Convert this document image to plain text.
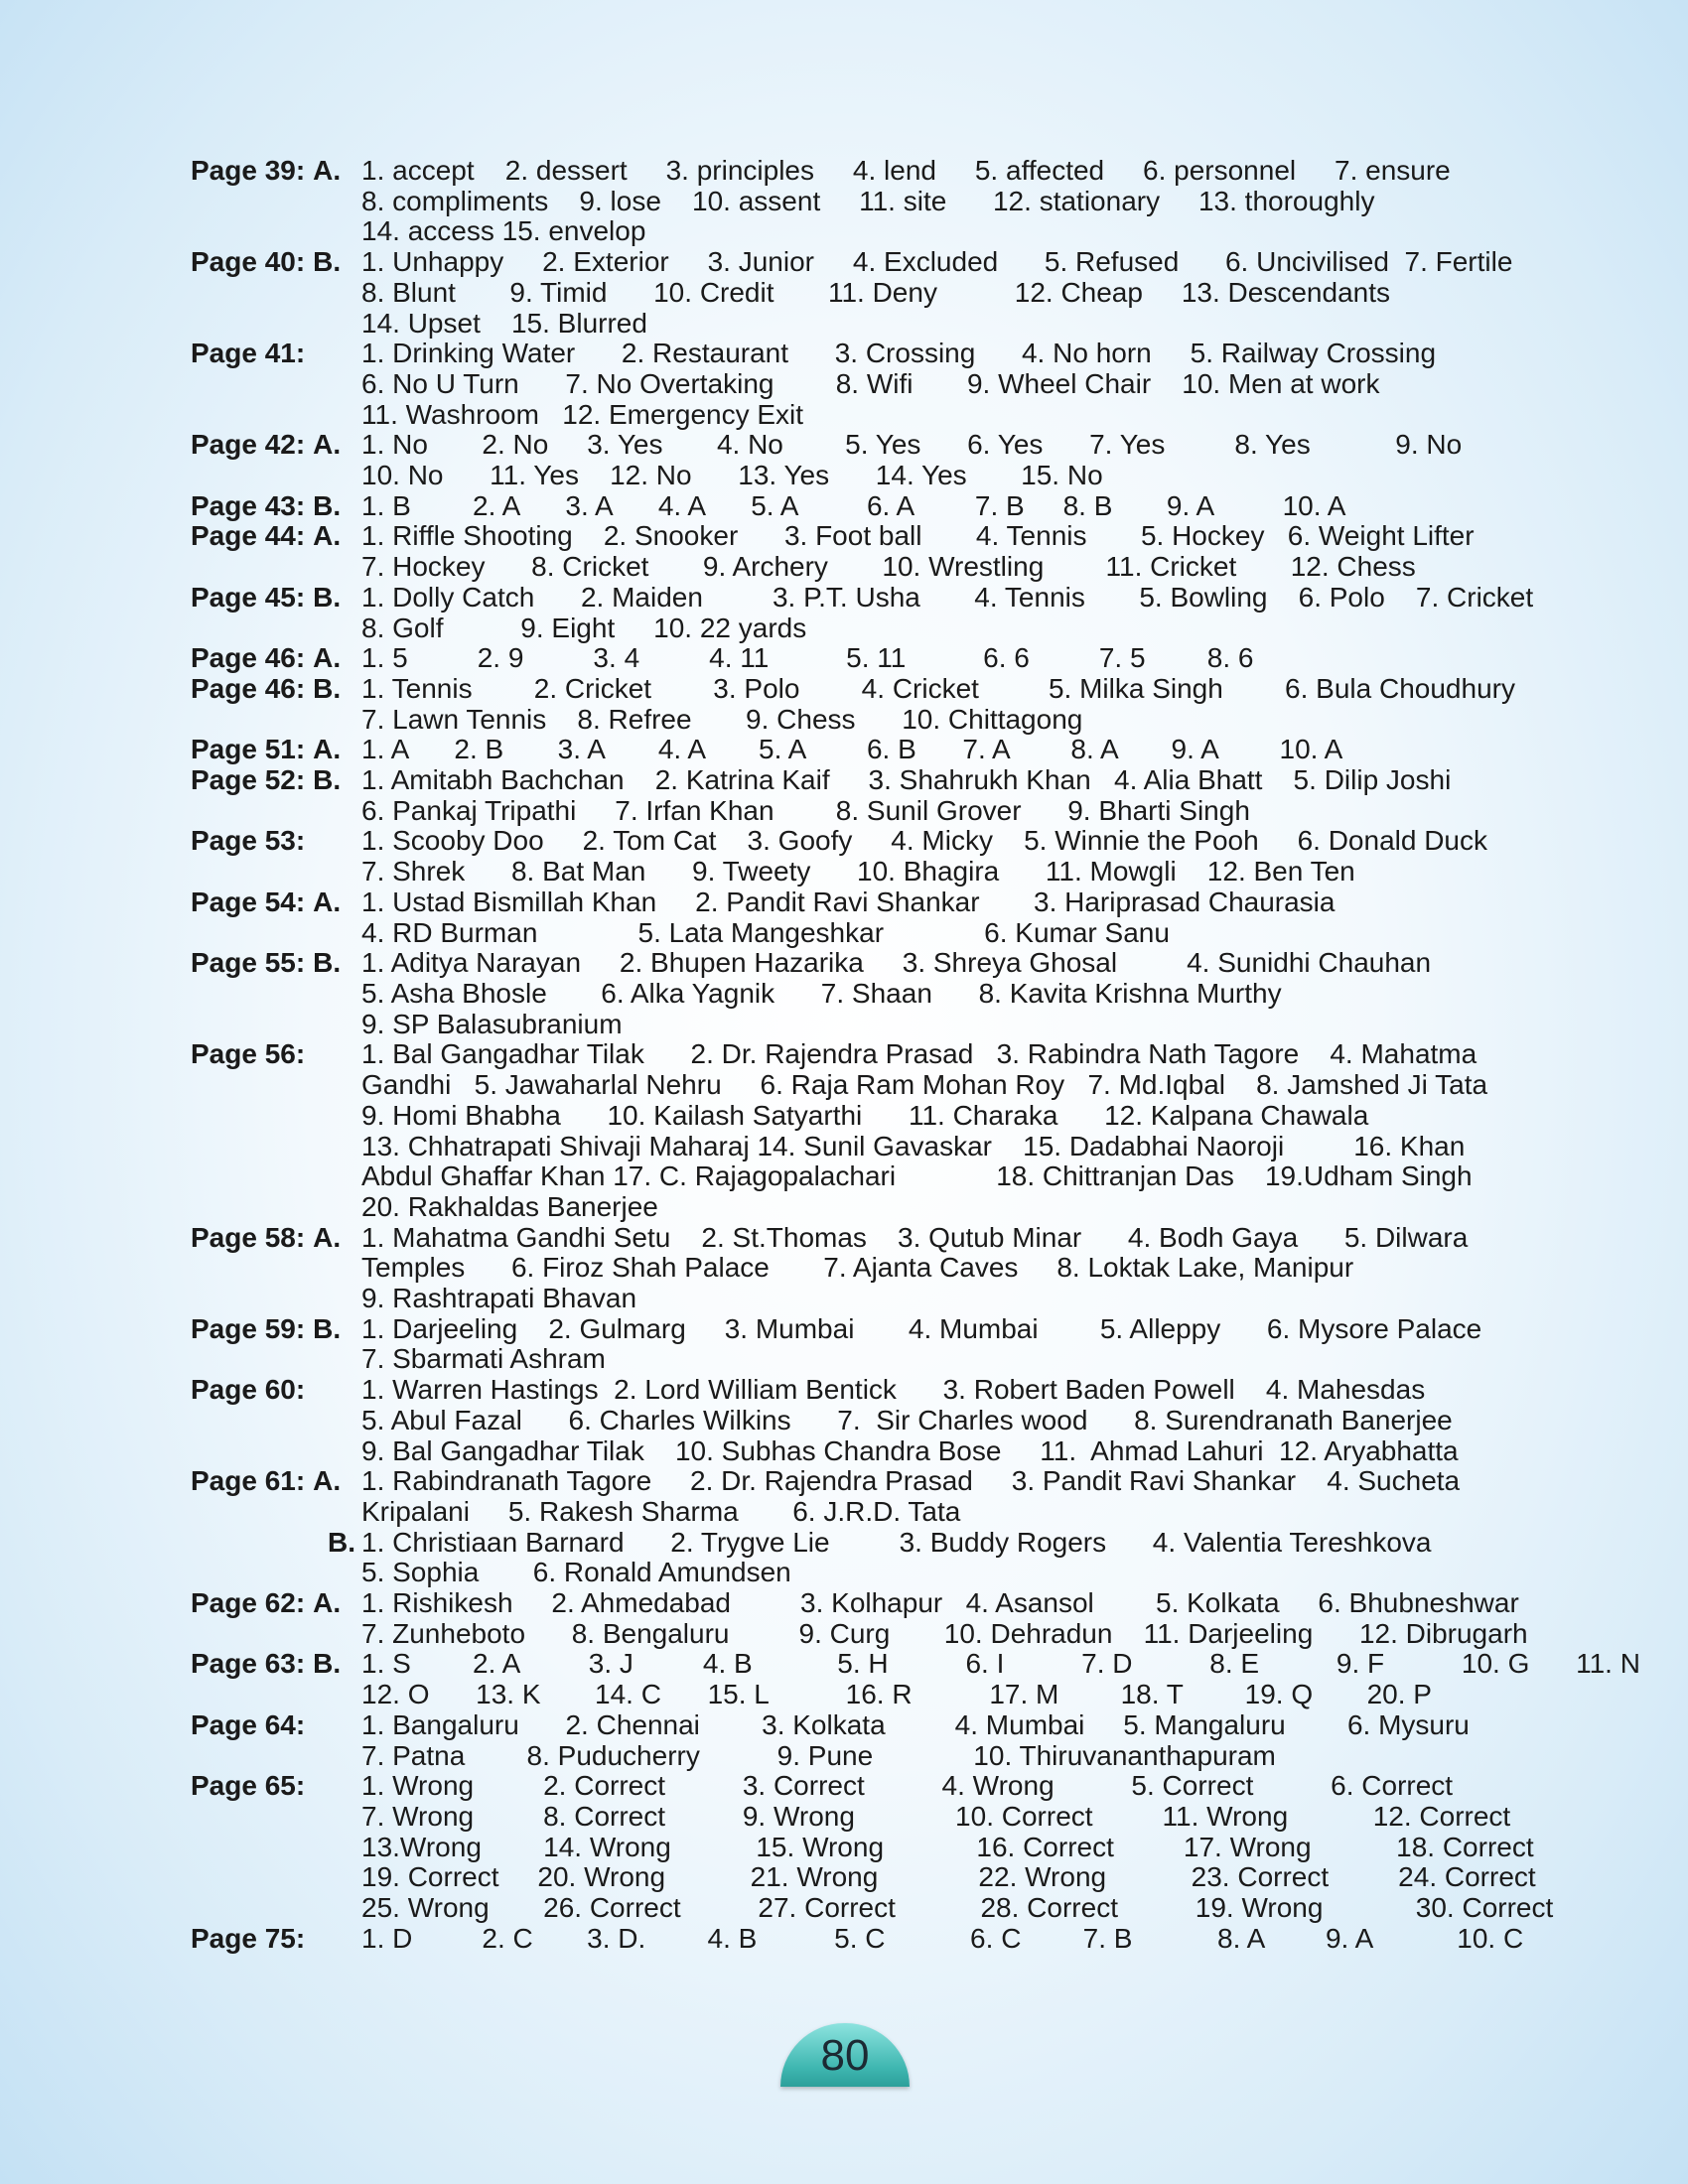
Page 39: A. 1. accept    2. dessert     3. principles     4. lend     5. affected     6. personnel     7. ensure
8. compliments    9. lose    10. assent     11. site      12. stationary     13. thoroughly
14. access 15. envelop
Page 40: B. 1. Unhappy     2. Exterior     3. Junior     4. Excluded      5. Refused      6. Uncivilised  7. Fertile
8. Blunt       9. Timid      10. Credit       11. Deny          12. Cheap     13. Descendants
14. Upset    15. Blurred
Page 41:	1. Drinking Water      2. Restaurant      3. Crossing      4. No horn     5. Railway Crossing
6. No U Turn      7. No Overtaking        8. Wifi       9. Wheel Chair    10. Men at work
11. Washroom   12. Emergency Exit
Page 42: A. 1. No       2. No     3. Yes       4. No        5. Yes      6. Yes      7. Yes         8. Yes           9. No
10. No      11. Yes    12. No      13. Yes      14. Yes       15. No
Page 43: B. 1. B        2. A      3. A      4. A      5. A         6. A        7. B     8. B       9. A         10. A
Page 44: A. 1. Riffle Shooting    2. Snooker      3. Foot ball       4. Tennis       5. Hockey   6. Weight Lifter
7. Hockey      8. Cricket       9. Archery       10. Wrestling        11. Cricket       12. Chess
Page 45: B. 1. Dolly Catch      2. Maiden         3. P.T. Usha       4. Tennis       5. Bowling    6. Polo    7. Cricket
8. Golf          9. Eight     10. 22 yards
Page 46: A. 1. 5         2. 9         3. 4         4. 11          5. 11          6. 6         7. 5        8. 6
Page 46: B. 1. Tennis        2. Cricket        3. Polo        4. Cricket         5. Milka Singh        6. Bula Choudhury
7. Lawn Tennis    8. Refree       9. Chess      10. Chittagong
Page 51: A. 1. A      2. B       3. A       4. A       5. A        6. B      7. A        8. A       9. A        10. A
Page 52: B. 1. Amitabh Bachchan    2. Katrina Kaif     3. Shahrukh Khan   4. Alia Bhatt    5. Dilip Joshi
6. Pankaj Tripathi     7. Irfan Khan        8. Sunil Grover      9. Bharti Singh
Page 53:	1. Scooby Doo     2. Tom Cat    3. Goofy     4. Micky    5. Winnie the Pooh     6. Donald Duck
7. Shrek      8. Bat Man      9. Tweety      10. Bhagira      11. Mowgli    12. Ben Ten
Page 54: A. 1. Ustad Bismillah Khan     2. Pandit Ravi Shankar       3. Hariprasad Chaurasia
4. RD Burman             5. Lata Mangeshkar             6. Kumar Sanu
Page 55: B. 1. Aditya Narayan     2. Bhupen Hazarika     3. Shreya Ghosal         4. Sunidhi Chauhan
5. Asha Bhosle       6. Alka Yagnik      7. Shaan      8. Kavita Krishna Murthy
9. SP Balasubranium
Page 56:	1. Bal Gangadhar Tilak      2. Dr. Rajendra Prasad   3. Rabindra Nath Tagore    4. Mahatma
Gandhi   5. Jawaharlal Nehru     6. Raja Ram Mohan Roy   7. Md.Iqbal    8. Jamshed Ji Tata
9. Homi Bhabha      10. Kailash Satyarthi      11. Charaka      12. Kalpana Chawala
13. Chhatrapati Shivaji Maharaj 14. Sunil Gavaskar    15. Dadabhai Naoroji         16. Khan
Abdul Ghaffar Khan 17. C. Rajagopalachari             18. Chittranjan Das    19.Udham Singh
20. Rakhaldas Banerjee
Page 58: A. 1. Mahatma Gandhi Setu    2. St.Thomas    3. Qutub Minar      4. Bodh Gaya      5. Dilwara
Temples      6. Firoz Shah Palace       7. Ajanta Caves     8. Loktak Lake, Manipur
9. Rashtrapati Bhavan
Page 59: B. 1. Darjeeling    2. Gulmarg     3. Mumbai       4. Mumbai        5. Alleppy      6. Mysore Palace
7. Sbarmati Ashram
Page 60:	1. Warren Hastings  2. Lord William Bentick      3. Robert Baden Powell    4. Mahesdas
5. Abul Fazal      6. Charles Wilkins      7.  Sir Charles wood      8. Surendranath Banerjee
9. Bal Gangadhar Tilak    10. Subhas Chandra Bose     11.  Ahmad Lahuri  12. Aryabhatta
Page 61: A. 1. Rabindranath Tagore     2. Dr. Rajendra Prasad     3. Pandit Ravi Shankar    4. Sucheta
Kripalani     5. Rakesh Sharma       6. J.R.D. Tata
B. 1. Christiaan Barnard      2. Trygve Lie         3. Buddy Rogers      4. Valentia Tereshkova
5. Sophia       6. Ronald Amundsen
Page 62: A. 1. Rishikesh     2. Ahmedabad         3. Kolhapur   4. Asansol        5. Kolkata     6. Bhubneshwar
7. Zunheboto      8. Bengaluru         9. Curg       10. Dehradun    11. Darjeeling      12. Dibrugarh
Page 63: B. 1. S        2. A         3. J         4. B           5. H          6. I          7. D          8. E          9. F          10. G      11. N
12. O      13. K       14. C      15. L          16. R          17. M        18. T        19. Q       20. P
Page 64:	1. Bangaluru      2. Chennai        3. Kolkata         4. Mumbai     5. Mangaluru        6. Mysuru
7. Patna        8. Puducherry          9. Pune             10. Thiruvananthapuram
Page 65:	1. Wrong         2. Correct          3. Correct          4. Wrong          5. Correct          6. Correct
7. Wrong         8. Correct          9. Wrong             10. Correct         11. Wrong           12. Correct
13.Wrong        14. Wrong           15. Wrong            16. Correct         17. Wrong           18. Correct
19. Correct     20. Wrong           21. Wrong             22. Wrong           23. Correct         24. Correct
25. Wrong       26. Correct          27. Correct           28. Correct          19. Wrong            30. Correct
Page 75:	1. D         2. C       3. D.        4. B          5. C           6. C        7. B           8. A        9. A           10. C
80
